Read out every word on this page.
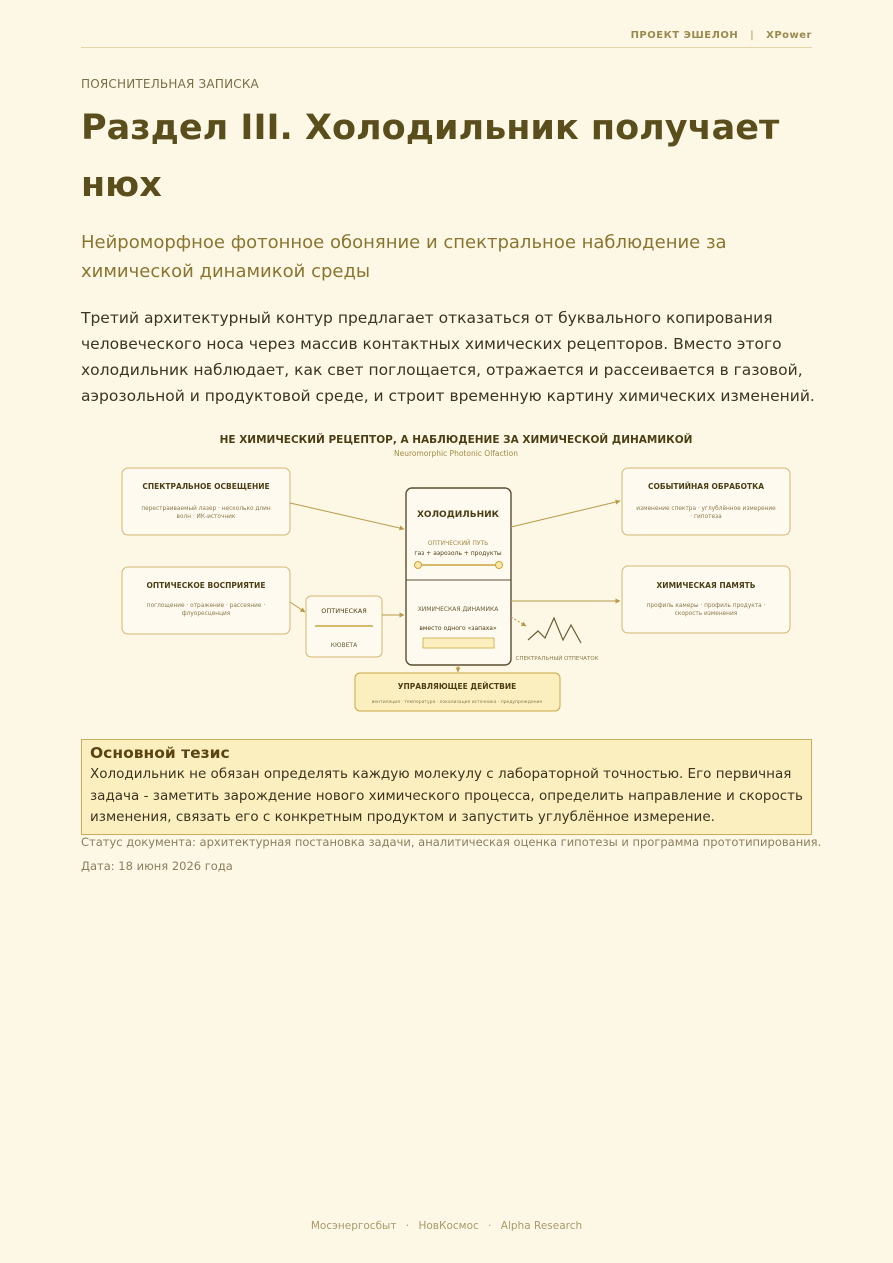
ПРОЕКТ ЭШЕЛОН | XPower
ПОЯСНИТЕЛЬНАЯ ЗАПИСКА
Раздел III. Холодильник получает нюх

Нейроморфное фотонное обоняние и спектральное наблюдение за химической динамикой среды

Третий архитектурный контур предлагает отказаться от буквального копирования человеческого носа через массив контактных химических рецепторов. Вместо этого холодильник наблюдает, как свет поглощается, отражается и рассеивается в газовой, аэрозольной и продуктовой среде, и строит временную картину химических изменений.

НЕ ХИМИЧЕСКИЙ РЕЦЕПТОР, А НАБЛЮДЕНИЕ ЗА ХИМИЧЕСКОЙ ДИНАМИКОЙ
Neuromorphic Photonic Olfaction
СПЕКТРАЛЬНОЕ ОСВЕЩЕНИЕ
перестраиваемый лазер · несколько длин
волн · ИК-источник
ОПТИЧЕСКОЕ ВОСПРИЯТИЕ
поглощение · отражение · рассеяние ·
флуоресценция	ОПТИЧЕСКАЯ
КЮВЕТА
ХОЛОДИЛЬНИК
ОПТИЧЕСКИЙ ПУТЬ
газ + аэрозоль + продукты
ХИМИЧЕСКАЯ ДИНАМИКА
вместо одного «запаха»
СОБЫТИЙНАЯ ОБРАБОТКА
изменение спектра · углублённое измерение
· гипотеза
ХИМИЧЕСКАЯ ПАМЯТЬ
профиль камеры · профиль продукта ·
скорость изменения
СПЕКТРАЛЬНЫЙ ОТПЕЧАТОК
УПРАВЛЯЮЩЕЕ ДЕЙСТВИЕ
вентиляция · температура · локализация источника · предупреждение
Основной тезис
Холодильник не обязан определять каждую молекулу с лабораторной точностью. Его первичная задача - заметить зарождение нового химического процесса, определить направление и скорость изменения, связать его с конкретным продуктом и запустить углублённое измерение.
Статус документа: архитектурная постановка задачи, аналитическая оценка гипотезы и программа прототипирования.
Дата: 18 июня 2026 года
Мосэнергосбыт · НовКосмос · Alpha Research
